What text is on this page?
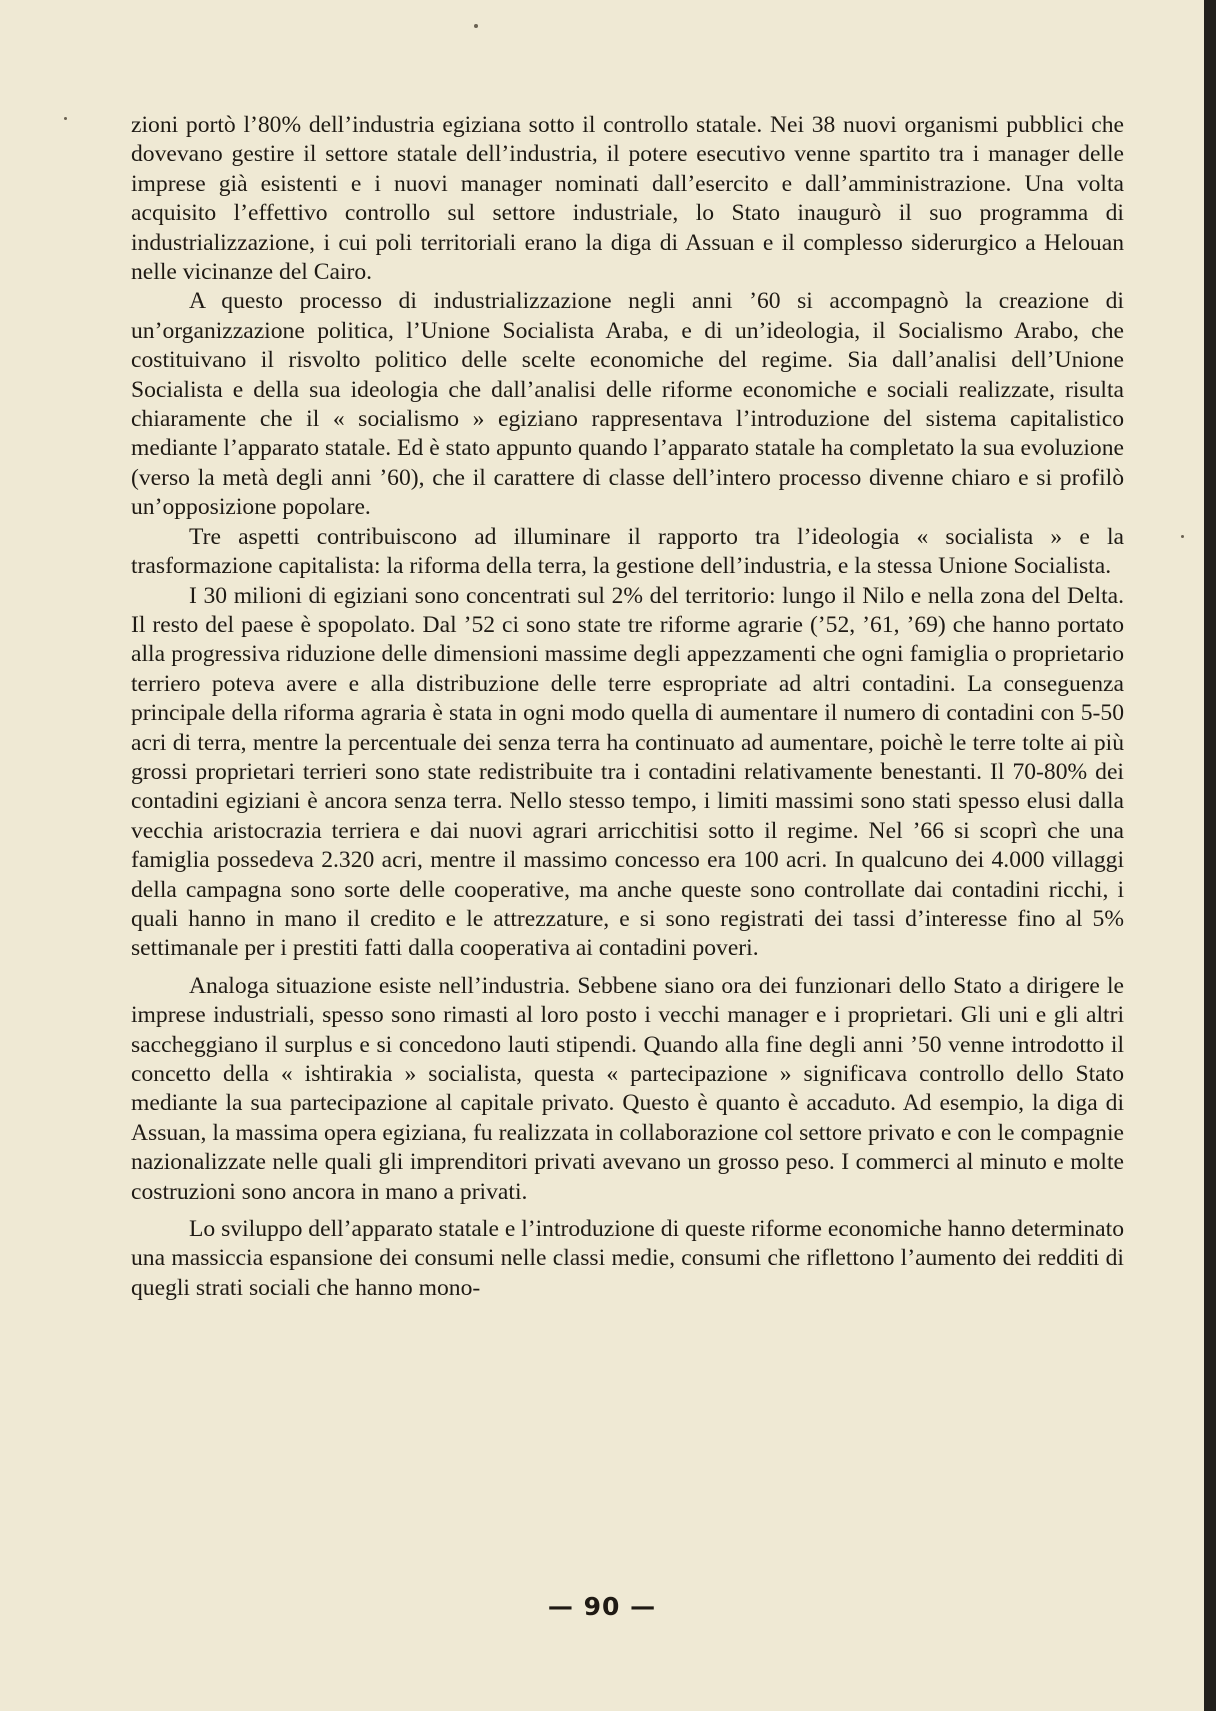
zioni portò l’80% dell’industria egiziana sotto il controllo statale. Nei 38 nuovi organismi pubblici che dovevano gestire il settore statale dell’industria, il potere esecutivo venne spartito tra i manager delle imprese già esistenti e i nuovi manager nominati dall’esercito e dall’amministrazione. Una volta acquisito l’effettivo controllo sul settore industriale, lo Stato inaugurò il suo programma di industrializzazione, i cui poli territoriali erano la diga di Assuan e il complesso siderurgico a Helouan nelle vicinanze del Cairo.

A questo processo di industrializzazione negli anni ’60 si accompagnò la creazione di un’organizzazione politica, l’Unione Socialista Araba, e di un’ideologia, il Socialismo Arabo, che costituivano il risvolto politico delle scelte economiche del regime. Sia dall’analisi dell’Unione Socialista e della sua ideologia che dall’analisi delle riforme economiche e sociali realizzate, risulta chiaramente che il « socialismo » egiziano rappresentava l’introduzione del sistema capitalistico mediante l’apparato statale. Ed è stato appunto quando l’apparato statale ha completato la sua evoluzione (verso la metà degli anni ’60), che il carattere di classe dell’intero processo divenne chiaro e si profilò un’opposizione popolare.

Tre aspetti contribuiscono ad illuminare il rapporto tra l’ideologia « socialista » e la trasformazione capitalista: la riforma della terra, la gestione dell’industria, e la stessa Unione Socialista.

I 30 milioni di egiziani sono concentrati sul 2% del territorio: lungo il Nilo e nella zona del Delta. Il resto del paese è spopolato. Dal ’52 ci sono state tre riforme agrarie (’52, ’61, ’69) che hanno portato alla progressiva riduzione delle dimensioni massime degli appezzamenti che ogni famiglia o proprietario terriero poteva avere e alla distribuzione delle terre espropriate ad altri contadini. La conseguenza principale della riforma agraria è stata in ogni modo quella di aumentare il numero di contadini con 5-50 acri di terra, mentre la percentuale dei senza terra ha continuato ad aumentare, poichè le terre tolte ai più grossi proprietari terrieri sono state redistribuite tra i contadini relativamente benestanti. Il 70-80% dei contadini egiziani è ancora senza terra. Nello stesso tempo, i limiti massimi sono stati spesso elusi dalla vecchia aristocrazia terriera e dai nuovi agrari arricchitisi sotto il regime. Nel ’66 si scoprì che una famiglia possedeva 2.320 acri, mentre il massimo concesso era 100 acri. In qualcuno dei 4.000 villaggi della campagna sono sorte delle cooperative, ma anche queste sono controllate dai contadini ricchi, i quali hanno in mano il credito e le attrezzature, e si sono registrati dei tassi d’interesse fino al 5% settimanale per i prestiti fatti dalla cooperativa ai contadini poveri.

Analoga situazione esiste nell’industria. Sebbene siano ora dei funzionari dello Stato a dirigere le imprese industriali, spesso sono rimasti al loro posto i vecchi manager e i proprietari. Gli uni e gli altri saccheggiano il surplus e si concedono lauti stipendi. Quando alla fine degli anni ’50 venne introdotto il concetto della « ishtirakia » socialista, questa « partecipazione » significava controllo dello Stato mediante la sua partecipazione al capitale privato. Questo è quanto è accaduto. Ad esempio, la diga di Assuan, la massima opera egiziana, fu realizzata in collaborazione col settore privato e con le compagnie nazionalizzate nelle quali gli imprenditori privati avevano un grosso peso. I commerci al minuto e molte costruzioni sono ancora in mano a privati.

Lo sviluppo dell’apparato statale e l’introduzione di queste riforme economiche hanno determinato una massiccia espansione dei consumi nelle classi medie, consumi che riflettono l’aumento dei redditi di quegli strati sociali che hanno mono-

— 90 —
